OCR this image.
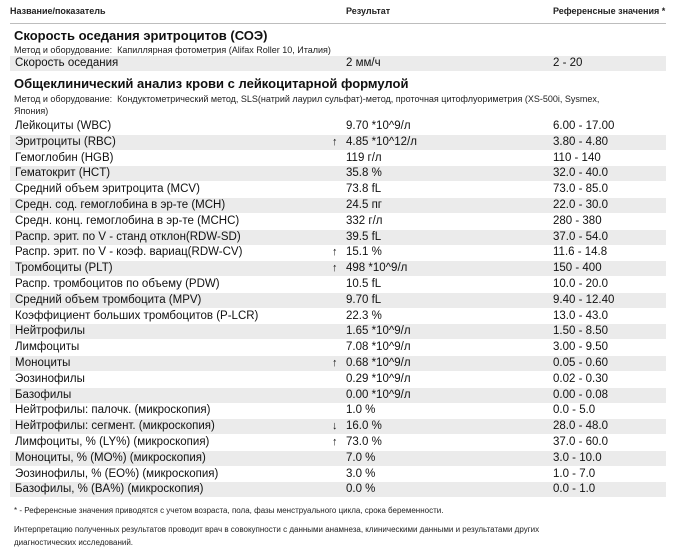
Название/показатель	Результат	Референсные значения *
Скорость оседания эритроцитов (СОЭ)
Метод и оборудование: Капиллярная фотометрия (Alifax Roller 10, Италия)
Скорость оседания	2 мм/ч	2 - 20
Общеклинический анализ крови с лейкоцитарной формулой
Метод и оборудование: Кондуктометрический метод, SLS(натрий лаурил сульфат)-метод, проточная цитофлуориметрия (XS-500i, Sysmex,
Япония)
Лейкоциты (WBC)	9.70 *10^9/л	6.00 - 17.00
Эритроциты (RBC)	↑ 4.85 *10^12/л	3.80 - 4.80
Гемоглобин (HGB)	119 г/л	110 - 140
Гематокрит (HCT)	35.8 %	32.0 - 40.0
Средний объем эритроцита (MCV)	73.8 fL	73.0 - 85.0
Средн. сод. гемоглобина в эр-те (MCH)	24.5 пг	22.0 - 30.0
Средн. конц. гемоглобина в эр-те (MCHC)	332 г/л	280 - 380
Распр. эрит. по V - станд отклон(RDW-SD)	39.5 fL	37.0 - 54.0
Распр. эрит. по V - коэф. вариац(RDW-CV)	↑ 15.1 %	11.6 - 14.8
Тромбоциты (PLT)	↑ 498 *10^9/л	150 - 400
Распр. тромбоцитов по объему (PDW)	10.5 fL	10.0 - 20.0
Средний объем тромбоцита (MPV)	9.70 fL	9.40 - 12.40
Коэффициент больших тромбоцитов (P-LCR)	22.3 %	13.0 - 43.0
Нейтрофилы	1.65 *10^9/л	1.50 - 8.50
Лимфоциты	7.08 *10^9/л	3.00 - 9.50
Моноциты	↑ 0.68 *10^9/л	0.05 - 0.60
Эозинофилы	0.29 *10^9/л	0.02 - 0.30
Базофилы	0.00 *10^9/л	0.00 - 0.08
Нейтрофилы: палочк. (микроскопия)	1.0 %	0.0 - 5.0
Нейтрофилы: сегмент. (микроскопия)	↓ 16.0 %	28.0 - 48.0
Лимфоциты, % (LY%) (микроскопия)	↑ 73.0 %	37.0 - 60.0
Моноциты, % (MO%) (микроскопия)	7.0 %	3.0 - 10.0
Эозинофилы, % (EO%) (микроскопия)	3.0 %	1.0 - 7.0
Базофилы, % (BA%) (микроскопия)	0.0 %	0.0 - 1.0
* - Референсные значения приводятся с учетом возраста, пола, фазы менструального цикла, срока беременности.
Интерпретацию полученных результатов проводит врач в совокупности с данными анамнеза, клиническими данными и результатами других
диагностических исследований.
